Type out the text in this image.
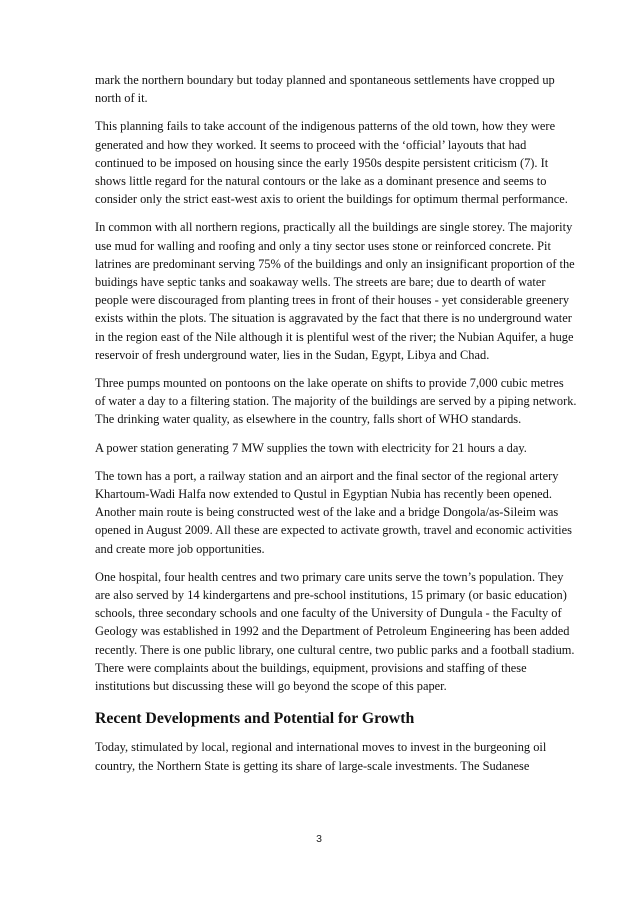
mark the northern boundary but today planned and spontaneous settlements have cropped up north of it.

This planning fails to take account of the indigenous patterns of the old town, how they were generated and how they worked. It seems to proceed with the ‘official’ layouts that had continued to be imposed on housing since the early 1950s despite persistent criticism (7). It shows little regard for the natural contours or the lake as a dominant presence and seems to consider only the strict east-west axis to orient the buildings for optimum thermal performance.

In common with all northern regions, practically all the buildings are single storey. The majority use mud for walling and roofing and only a tiny sector uses stone or reinforced concrete. Pit latrines are predominant serving 75% of the buildings and only an insignificant proportion of the buidings have septic tanks and soakaway wells. The streets are bare; due to dearth of water people were discouraged from planting trees in front of their houses - yet considerable greenery exists within the plots. The situation is aggravated by the fact that there is no underground water in the region east of the Nile although it is plentiful west of the river; the Nubian Aquifer, a huge reservoir of fresh underground water, lies in the Sudan, Egypt, Libya and Chad.

Three pumps mounted on pontoons on the lake operate on shifts to provide 7,000 cubic metres of water a day to a filtering station. The majority of the buildings are served by a piping network. The drinking water quality, as elsewhere in the country, falls short of WHO standards.

A power station generating 7 MW supplies the town with electricity for 21 hours a day.

The town has a port, a railway station and an airport and the final sector of the regional artery Khartoum-Wadi Halfa now extended to Qustul in Egyptian Nubia has recently been opened. Another main route is being constructed west of the lake and a bridge Dongola/as-Sileim was opened in August 2009. All these are expected to activate growth, travel and economic activities and create more job opportunities.

One hospital, four health centres and two primary care units serve the town’s population. They are also served by 14 kindergartens and pre-school institutions, 15 primary (or basic education) schools, three secondary schools and one faculty of the University of Dungula - the Faculty of Geology was established in 1992 and the Department of Petroleum Engineering has been added recently. There is one public library, one cultural centre, two public parks and a football stadium. There were complaints about the buildings, equipment, provisions and staffing of these institutions but discussing these will go beyond the scope of this paper.

Recent Developments and Potential for Growth

Today, stimulated by local, regional and international moves to invest in the burgeoning oil country, the Northern State is getting its share of large-scale investments. The Sudanese

3
